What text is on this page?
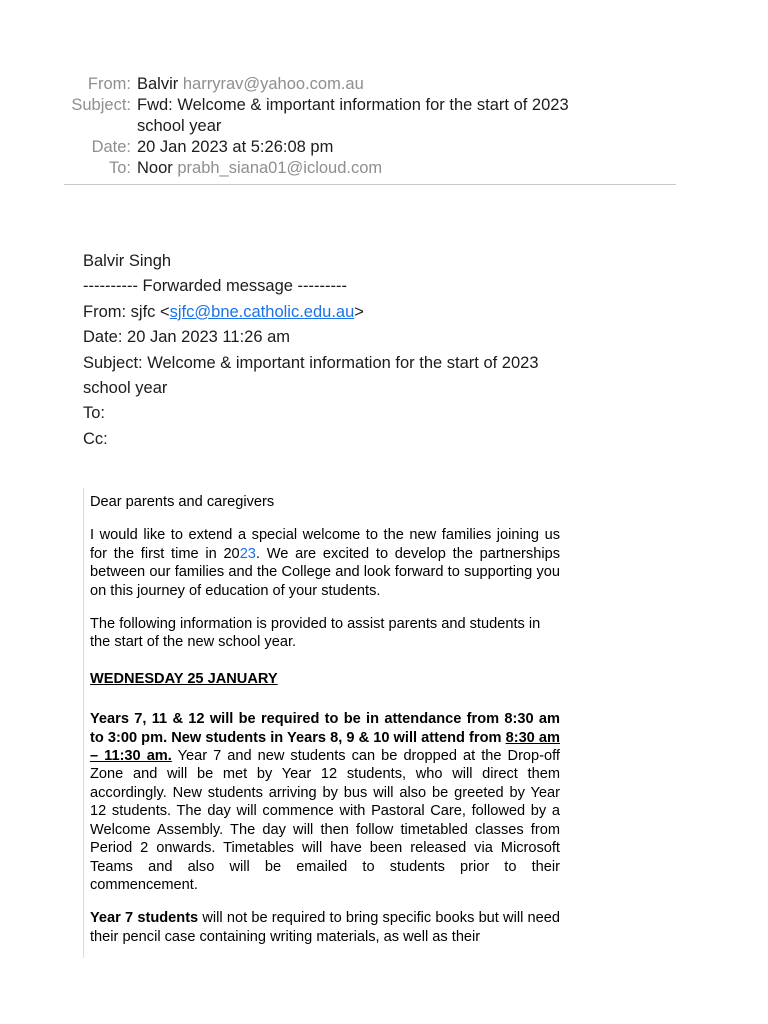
From: Balvir harryrav@yahoo.com.au
Subject: Fwd: Welcome & important information for the start of 2023 school year
Date: 20 Jan 2023 at 5:26:08 pm
To: Noor prabh_siana01@icloud.com
Balvir Singh
---------- Forwarded message ---------
From: sjfc <sjfc@bne.catholic.edu.au>
Date: 20 Jan 2023 11:26 am
Subject: Welcome & important information for the start of 2023 school year
To:
Cc:

Dear parents and caregivers

I would like to extend a special welcome to the new families joining us for the first time in 2023. We are excited to develop the partnerships between our families and the College and look forward to supporting you on this journey of education of your students.

The following information is provided to assist parents and students in the start of the new school year.

WEDNESDAY 25 JANUARY

Years 7, 11 & 12 will be required to be in attendance from 8:30 am to 3:00 pm. New students in Years 8, 9 & 10 will attend from 8:30 am – 11:30 am. Year 7 and new students can be dropped at the Drop-off Zone and will be met by Year 12 students, who will direct them accordingly. New students arriving by bus will also be greeted by Year 12 students. The day will commence with Pastoral Care, followed by a Welcome Assembly. The day will then follow timetabled classes from Period 2 onwards. Timetables will have been released via Microsoft Teams and also will be emailed to students prior to their commencement.

Year 7 students will not be required to bring specific books but will need their pencil case containing writing materials, as well as their
